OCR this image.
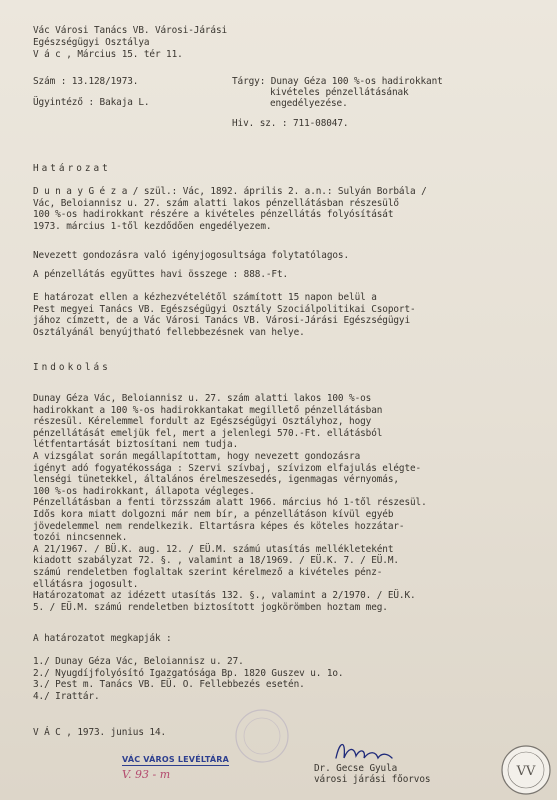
Vác Városi Tanács VB. Városi-Járási
Egészségügyi Osztálya
V á c , Március 15. tér 11.
Szám : 13.128/1973.
Ügyintéző : Bakaja L.
Tárgy: Dunay Géza 100 %-os hadirokkant
kivételes pénzellátásának
engedélyezése.
Hiv. sz. : 711-08047.
Határozat
D u n a y G é z a / szül.: Vác, 1892. április 2. a.n.: Sulyán Borbála /
Vác, Beloiannisz u. 27. szám alatti lakos pénzellátásban részesülő
100 %-os hadirokkant részére a kivételes pénzellátás folyósítását
1973. március 1-től kezdődően engedélyezem.
Nevezett gondozásra való igényjogosultsága folytatólagos.
A pénzellátás együttes havi összege : 888.-Ft.
E határozat ellen a kézhezvételétől számított 15 napon belül a
Pest megyei Tanács VB. Egészségügyi Osztály Szociálpolitikai Csoport-
jához címzett, de a Vác Városi Tanács VB. Városi-Járási Egészségügyi
Osztályánál benyújtható fellebbezésnek van helye.
Indokolás
Dunay Géza Vác, Beloiannisz u. 27. szám alatti lakos 100 %-os
hadirokkant a 100 %-os hadirokkantakat megillető pénzellátásban
részesül. Kérelemmel fordult az Egészségügyi Osztályhoz, hogy
pénzellátását emeljük fel, mert a jelenlegi 570.-Ft. ellátásból
létfentartását biztosítani nem tudja.
A vizsgálat során megállapítottam, hogy nevezett gondozásra
igényt adó fogyatékossága : Szervi szívbaj, szívizom elfajulás elégte-
lenségi tünetekkel, általános érelmeszesedés, igenmagas vérnyomás,
100 %-os hadirokkant, állapota végleges.
Pénzellátásban a fenti törzsszám alatt 1966. március hó 1-től részesül.
Idős kora miatt dolgozni már nem bír, a pénzellátáson kívül egyéb
jövedelemmel nem rendelkezik. Eltartásra képes és köteles hozzátar-
tozói nincsennek.
A 21/1967. / BÜ.K. aug. 12. / EÜ.M. számú utasítás mellékleteként
kiadott szabályzat 72. §. , valamint a 18/1969. / EÜ.K. 7. / EÜ.M.
számú rendeletben foglaltak szerint kérelmező a kivételes pénz-
ellátásra jogosult.
Határozatomat az idézett utasítás 132. §., valamint a 2/1970. / EÜ.K.
5. / EÜ.M. számú rendeletben biztosított jogkörömben hoztam meg.
A határozatot megkapják :
1./ Dunay Géza Vác, Beloiannisz u. 27.
2./ Nyugdíjfolyósító Igazgatósága Bp. 1820 Guszev u. 1o.
3./ Pest m. Tanács VB. EÜ. O. Fellebbezés esetén.
4./ Irattár.
V Á C , 1973. junius 14.
VÁC VÁROS LEVÉLTÁRA
V. 93 - m	Dr. Gecse Gyula
városi járási főorvos
VV
